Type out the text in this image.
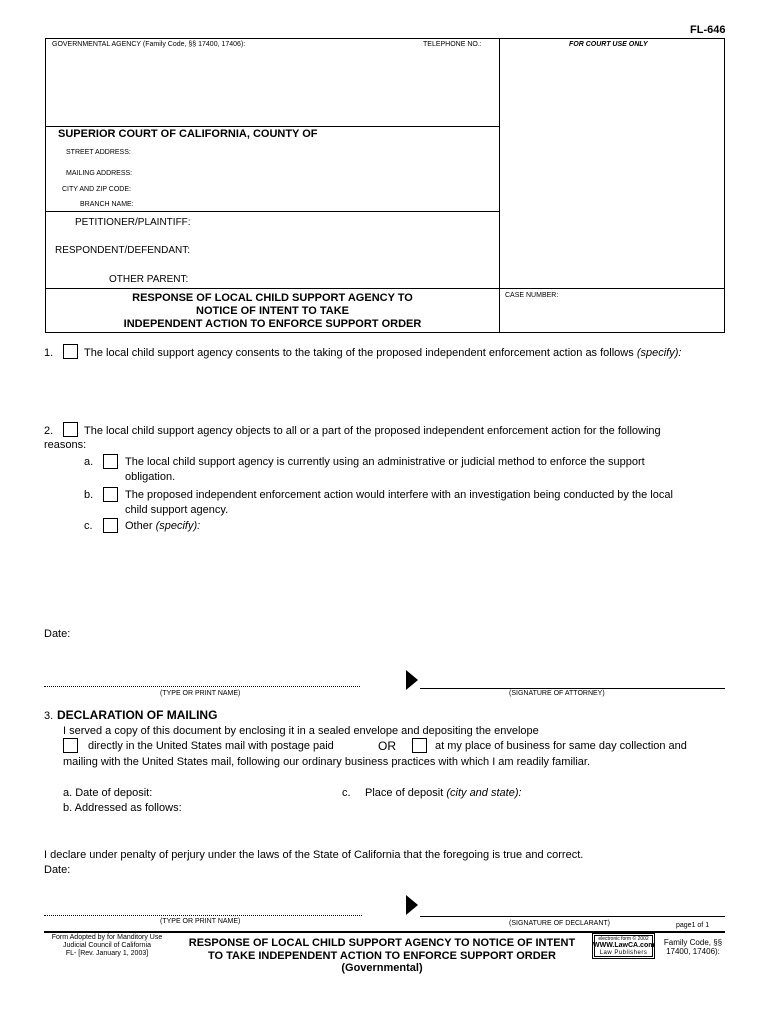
FL-646
GOVERNMENTAL AGENCY (Family Code, §§ 17400, 17406):	TELEPHONE NO.:	FOR COURT USE ONLY
SUPERIOR COURT OF CALIFORNIA, COUNTY OF
STREET ADDRESS:
MAILING ADDRESS:
CITY AND ZIP CODE:
BRANCH NAME:
PETITIONER/PLAINTIFF:
RESPONDENT/DEFENDANT:
OTHER PARENT:
RESPONSE OF LOCAL CHILD SUPPORT AGENCY TO
NOTICE OF INTENT TO TAKE
INDEPENDENT ACTION TO ENFORCE SUPPORT ORDER
CASE NUMBER:
1.	The local child support agency consents to the taking of the proposed independent enforcement action as follows (specify):
2.	The local child support agency objects to all or a part of the proposed independent enforcement action for the following
reasons:
a.	The local child support agency is currently using an administrative or judicial method to enforce the support
obligation.
b.	The proposed independent enforcement action would interfere with an investigation being conducted by the local
child support agency.
c.	Other (specify):
Date:
(TYPE OR PRINT NAME)	(SIGNATURE OF ATTORNEY)
3. DECLARATION OF MAILING
I served a copy of this document by enclosing it in a sealed envelope and depositing the envelope
directly in the United States mail with postage paid	OR	at my place of business for same day collection and
mailing with the United States mail, following our ordinary business practices with which I am readily familiar.
a. Date of deposit:
b. Addressed as follows:
c. Place of deposit (city and state):
I declare under penalty of perjury under the laws of the State of California that the foregoing is true and correct.
Date:
(TYPE OR PRINT NAME)	(SIGNATURE OF DECLARANT)	page1 of 1
Form Adopted by for Manditory Use
Judicial Council of California
FL- [Rev. January 1, 2003]
RESPONSE OF LOCAL CHILD SUPPORT AGENCY TO NOTICE OF INTENT
TO TAKE INDEPENDENT ACTION TO ENFORCE SUPPORT ORDER
(Governmental)
electronic form © 2002
WWW.LawCA.com
Law Publishers
Family Code, §§
17400, 17406):
